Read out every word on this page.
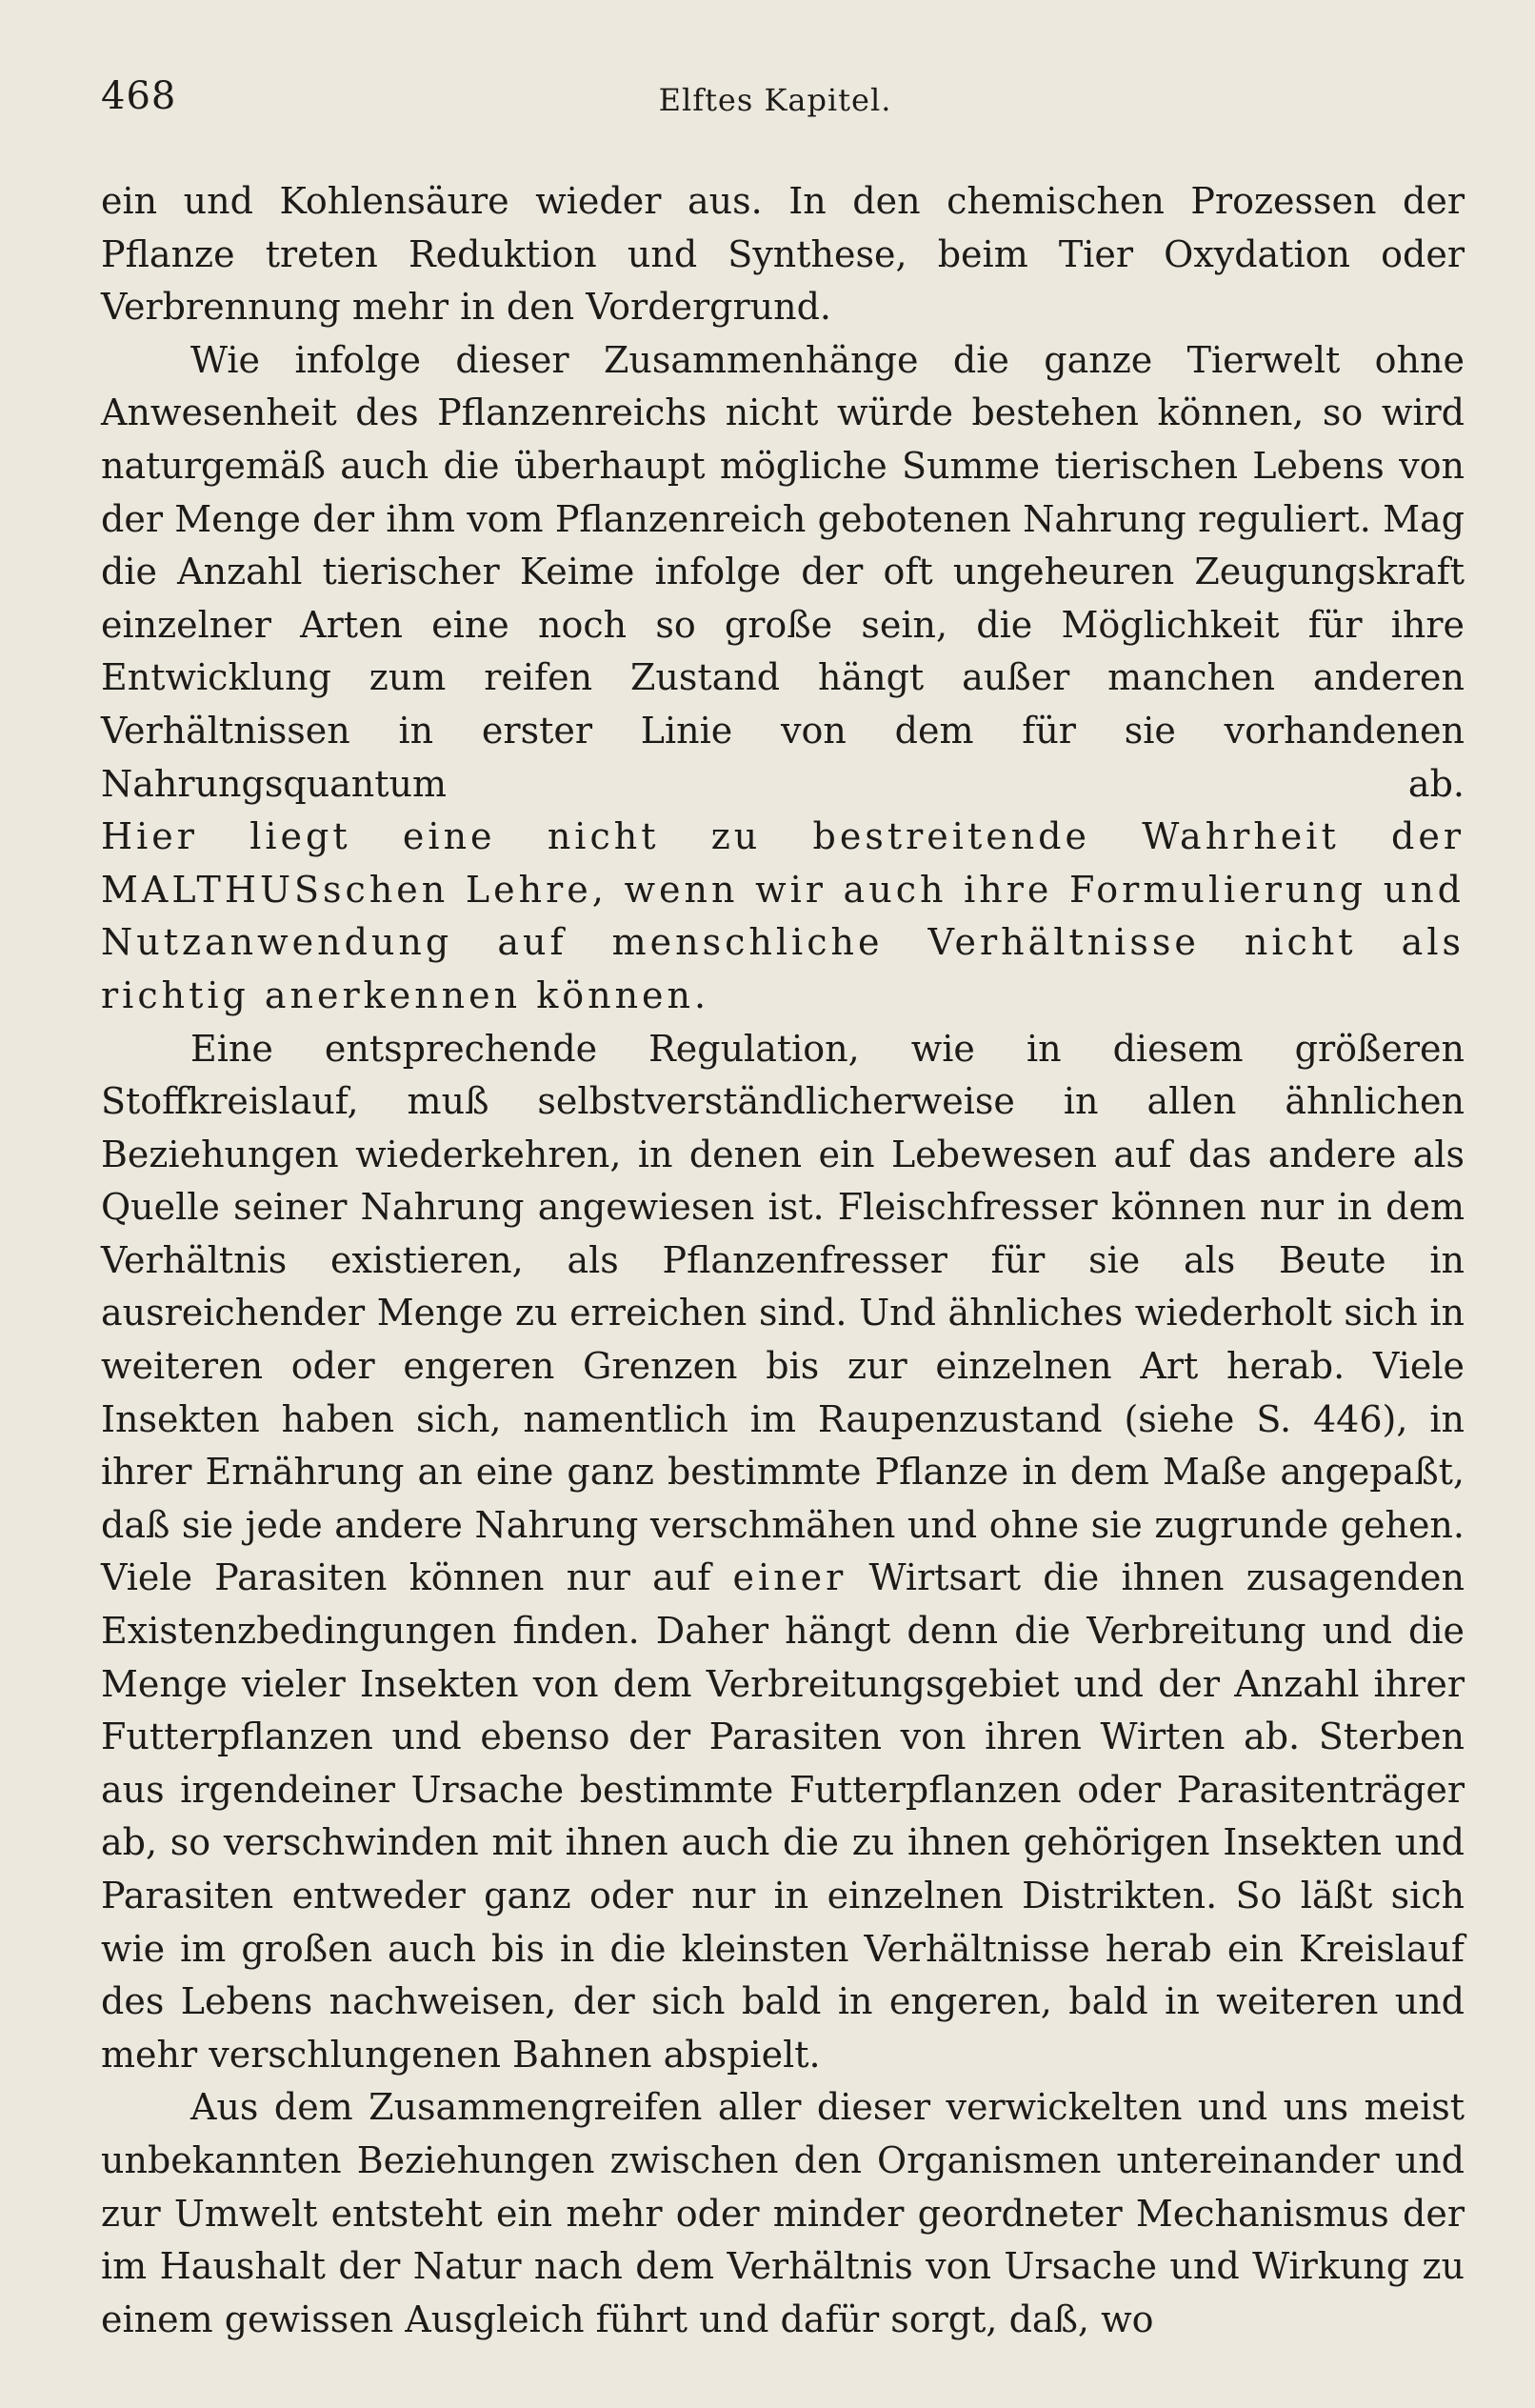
468	Elftes Kapitel.

ein und Kohlensäure wieder aus. In den chemischen Prozessen der Pflanze treten Reduktion und Synthese, beim Tier Oxydation oder Verbrennung mehr in den Vordergrund.

Wie infolge dieser Zusammenhänge die ganze Tierwelt ohne Anwesenheit des Pflanzenreichs nicht würde bestehen können, so wird naturgemäß auch die überhaupt mögliche Summe tierischen Lebens von der Menge der ihm vom Pflanzenreich gebotenen Nahrung reguliert. Mag die Anzahl tierischer Keime infolge der oft ungeheuren Zeugungskraft einzelner Arten eine noch so große sein, die Möglichkeit für ihre Entwicklung zum reifen Zustand hängt außer manchen anderen Verhältnissen in erster Linie von dem für sie vorhandenen Nahrungsquantum ab.

Hier liegt eine nicht zu bestreitende Wahrheit der MALTHUSschen Lehre, wenn wir auch ihre Formulierung und Nutzanwendung auf menschliche Verhältnisse nicht als richtig anerkennen können.

Eine entsprechende Regulation, wie in diesem größeren Stoffkreislauf, muß selbstverständlicherweise in allen ähnlichen Beziehungen wiederkehren, in denen ein Lebewesen auf das andere als Quelle seiner Nahrung angewiesen ist. Fleischfresser können nur in dem Verhältnis existieren, als Pflanzenfresser für sie als Beute in ausreichender Menge zu erreichen sind. Und ähnliches wiederholt sich in weiteren oder engeren Grenzen bis zur einzelnen Art herab. Viele Insekten haben sich, namentlich im Raupenzustand (siehe S. 446), in ihrer Ernährung an eine ganz bestimmte Pflanze in dem Maße angepaßt, daß sie jede andere Nahrung verschmähen und ohne sie zugrunde gehen. Viele Parasiten können nur auf einer Wirtsart die ihnen zusagenden Existenzbedingungen finden. Daher hängt denn die Verbreitung und die Menge vieler Insekten von dem Verbreitungsgebiet und der Anzahl ihrer Futterpflanzen und ebenso der Parasiten von ihren Wirten ab. Sterben aus irgendeiner Ursache bestimmte Futterpflanzen oder Parasitenträger ab, so verschwinden mit ihnen auch die zu ihnen gehörigen Insekten und Parasiten entweder ganz oder nur in einzelnen Distrikten. So läßt sich wie im großen auch bis in die kleinsten Verhältnisse herab ein Kreislauf des Lebens nachweisen, der sich bald in engeren, bald in weiteren und mehr verschlungenen Bahnen abspielt.

Aus dem Zusammengreifen aller dieser verwickelten und uns meist unbekannten Beziehungen zwischen den Organismen untereinander und zur Umwelt entsteht ein mehr oder minder geordneter Mechanismus der im Haushalt der Natur nach dem Verhältnis von Ursache und Wirkung zu einem gewissen Ausgleich führt und dafür sorgt, daß, wo
